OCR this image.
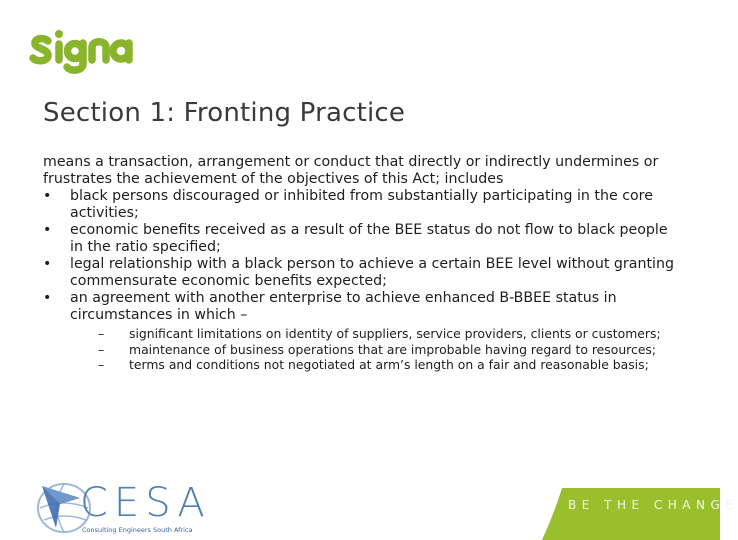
Section 1: Fronting Practice

means a transaction, arrangement or conduct that directly or indirectly undermines or frustrates the achievement of the objectives of this Act; includes

• black persons discouraged or inhibited from substantially participating in the core activities;
• economic benefits received as a result of the BEE status do not flow to black people in the ratio specified;
• legal relationship with a black person to achieve a certain BEE level without granting commensurate economic benefits expected;
• an agreement with another enterprise to achieve enhanced B-BBEE status in circumstances in which –
– significant limitations on identity of suppliers, service providers, clients or customers;
– maintenance of business operations that are improbable having regard to resources;
– terms and conditions not negotiated at arm’s length on a fair and reasonable basis;
CESA
Consulting Engineers South Africa
BE THE CHANGE
